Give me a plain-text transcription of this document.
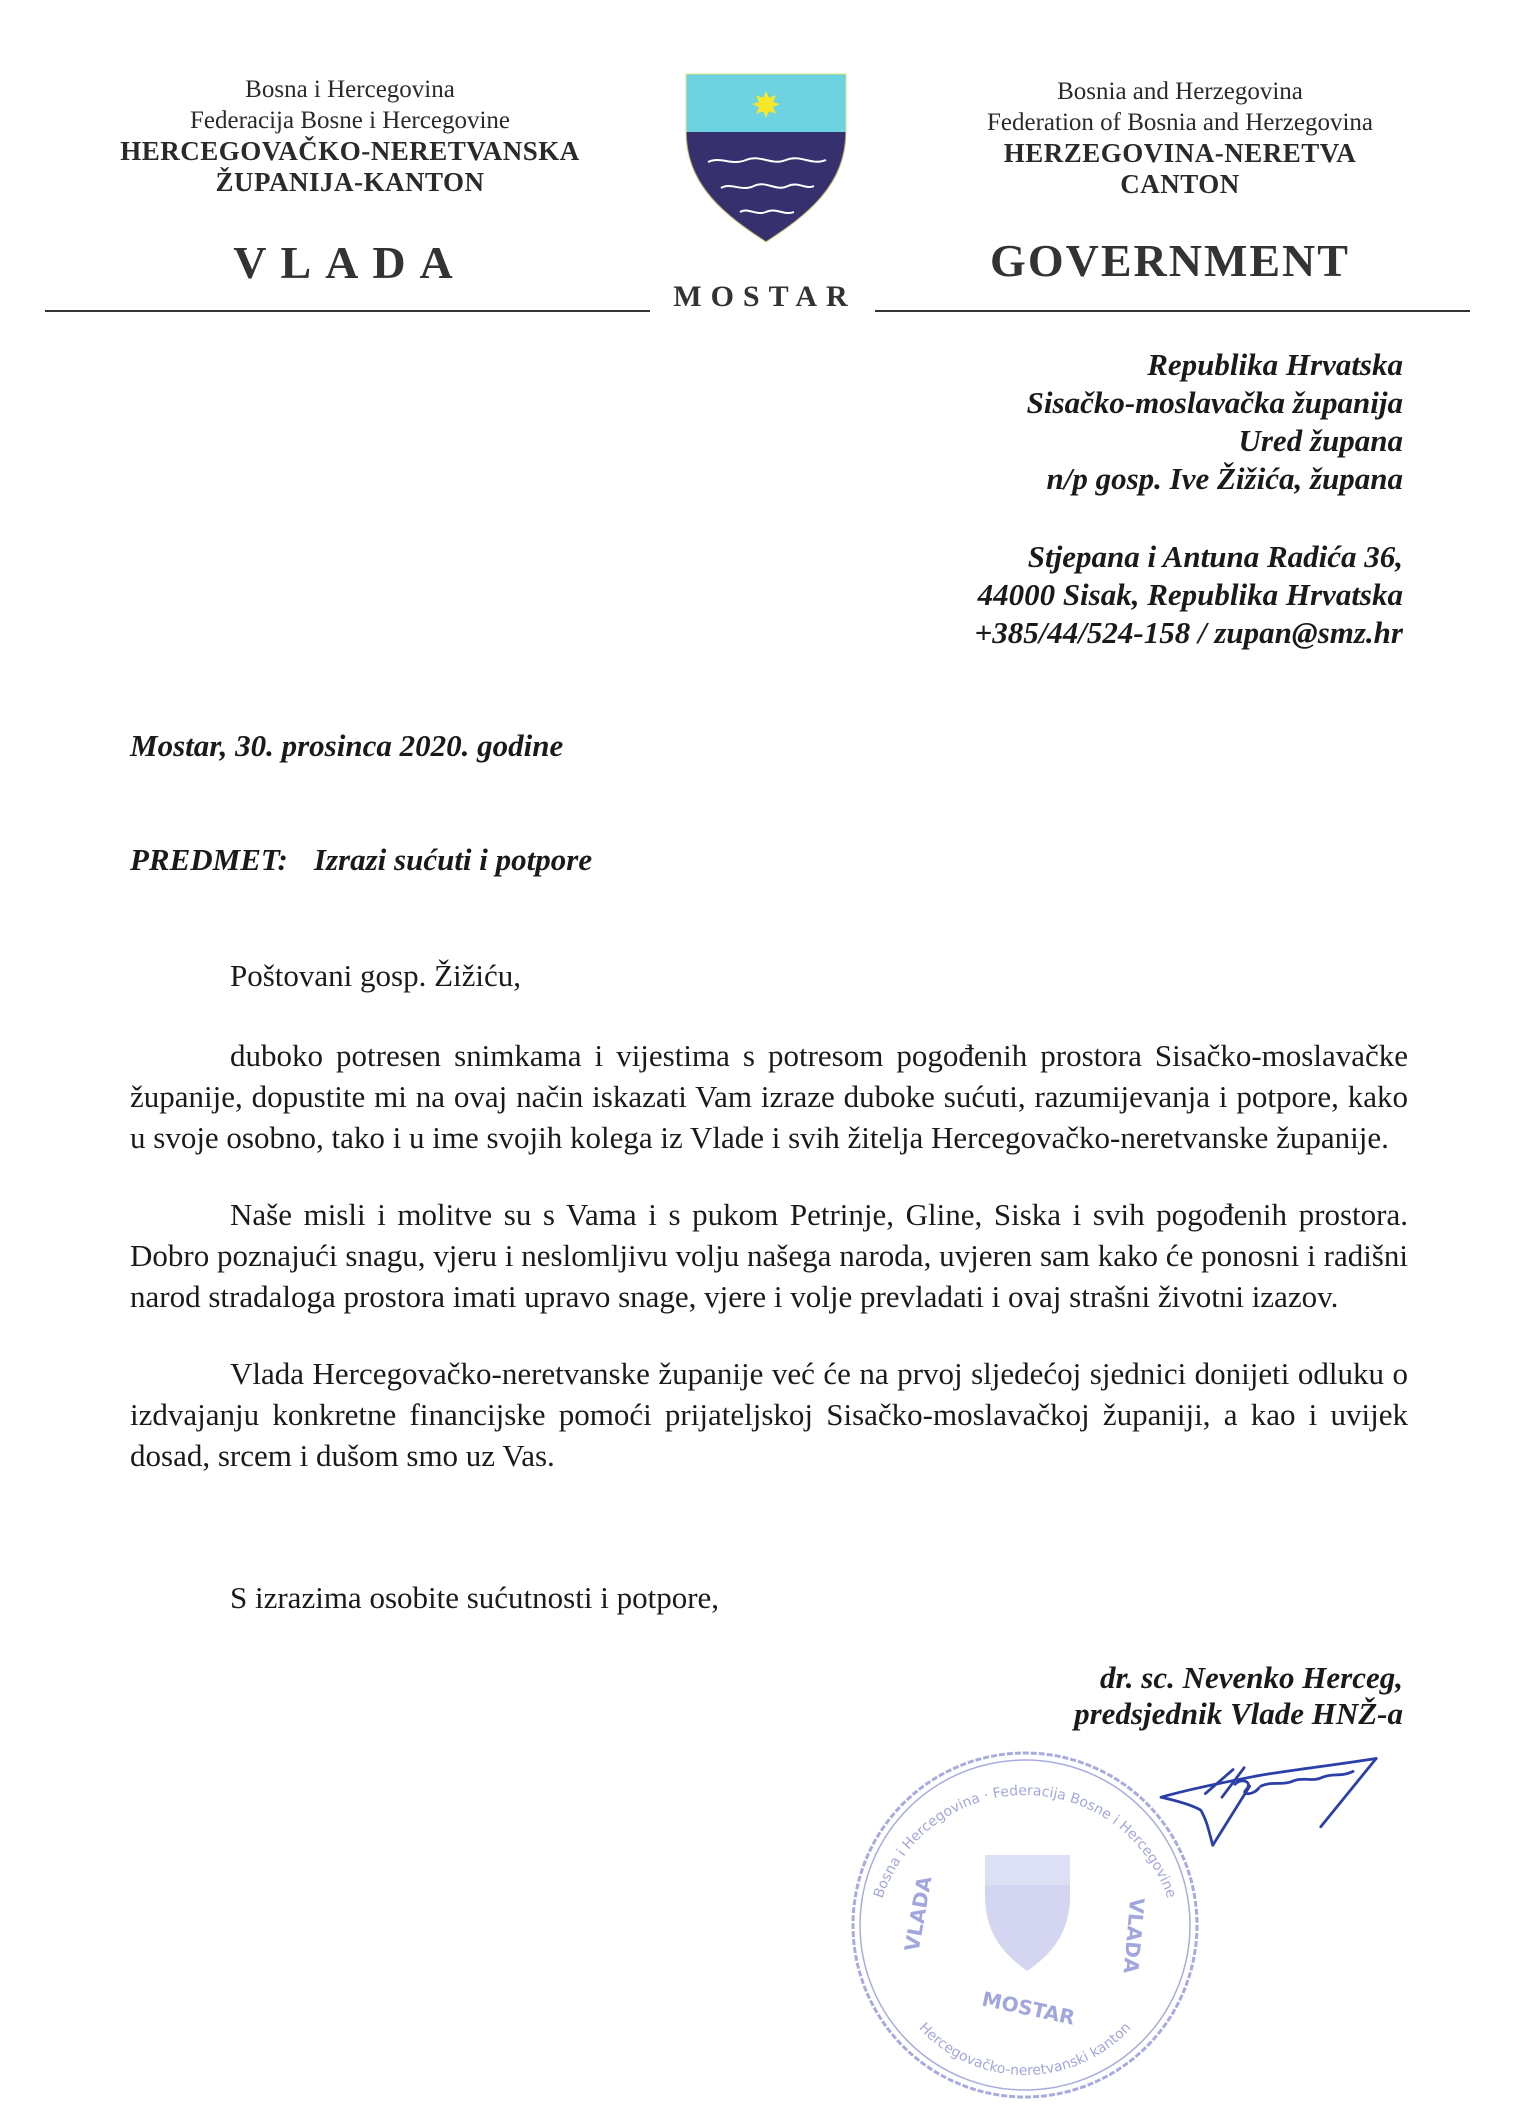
Bosna i Hercegovina
Federacija Bosne i Hercegovine
HERCEGOVAČKO-NERETVANSKA
ŽUPANIJA-KANTON
VLADA
MOSTAR
Bosnia and Herzegovina
Federation of Bosnia and Herzegovina
HERZEGOVINA-NERETVA
CANTON
GOVERNMENT
Republika Hrvatska
Sisačko-moslavačka županija
Ured župana
n/p gosp. Ive Žižića, župana
Stjepana i Antuna Radića 36,
44000 Sisak, Republika Hrvatska
+385/44/524-158 / zupan@smz.hr
Mostar, 30. prosinca 2020. godine
PREDMET: Izrazi sućuti i potpore
Poštovani gosp. Žižiću,

duboko potresen snimkama i vijestima s potresom pogođenih prostora Sisačko-moslavačke županije, dopustite mi na ovaj način iskazati Vam izraze duboke sućuti, razumijevanja i potpore, kako u svoje osobno, tako i u ime svojih kolega iz Vlade i svih žitelja Hercegovačko-neretvanske županije.

Naše misli i molitve su s Vama i s pukom Petrinje, Gline, Siska i svih pogođenih prostora. Dobro poznajući snagu, vjeru i neslomljivu volju našega naroda, uvjeren sam kako će ponosni i radišni narod stradaloga prostora imati upravo snage, vjere i volje prevladati i ovaj strašni životni izazov.

Vlada Hercegovačko-neretvanske županije već će na prvoj sljedećoj sjednici donijeti odluku o izdvajanju konkretne financijske pomoći prijateljskoj Sisačko-moslavačkoj županiji, a kao i uvijek dosad, srcem i dušom smo uz Vas.

S izrazima osobite sućutnosti i potpore,
Bosna i Hercegovina · Federacija Bosne i Hercegovine
Hercegovačko-neretvanski kanton
VLADA	VLADA
MOSTAR
dr. sc. Nevenko Herceg,
predsjednik Vlade HNŽ-a
